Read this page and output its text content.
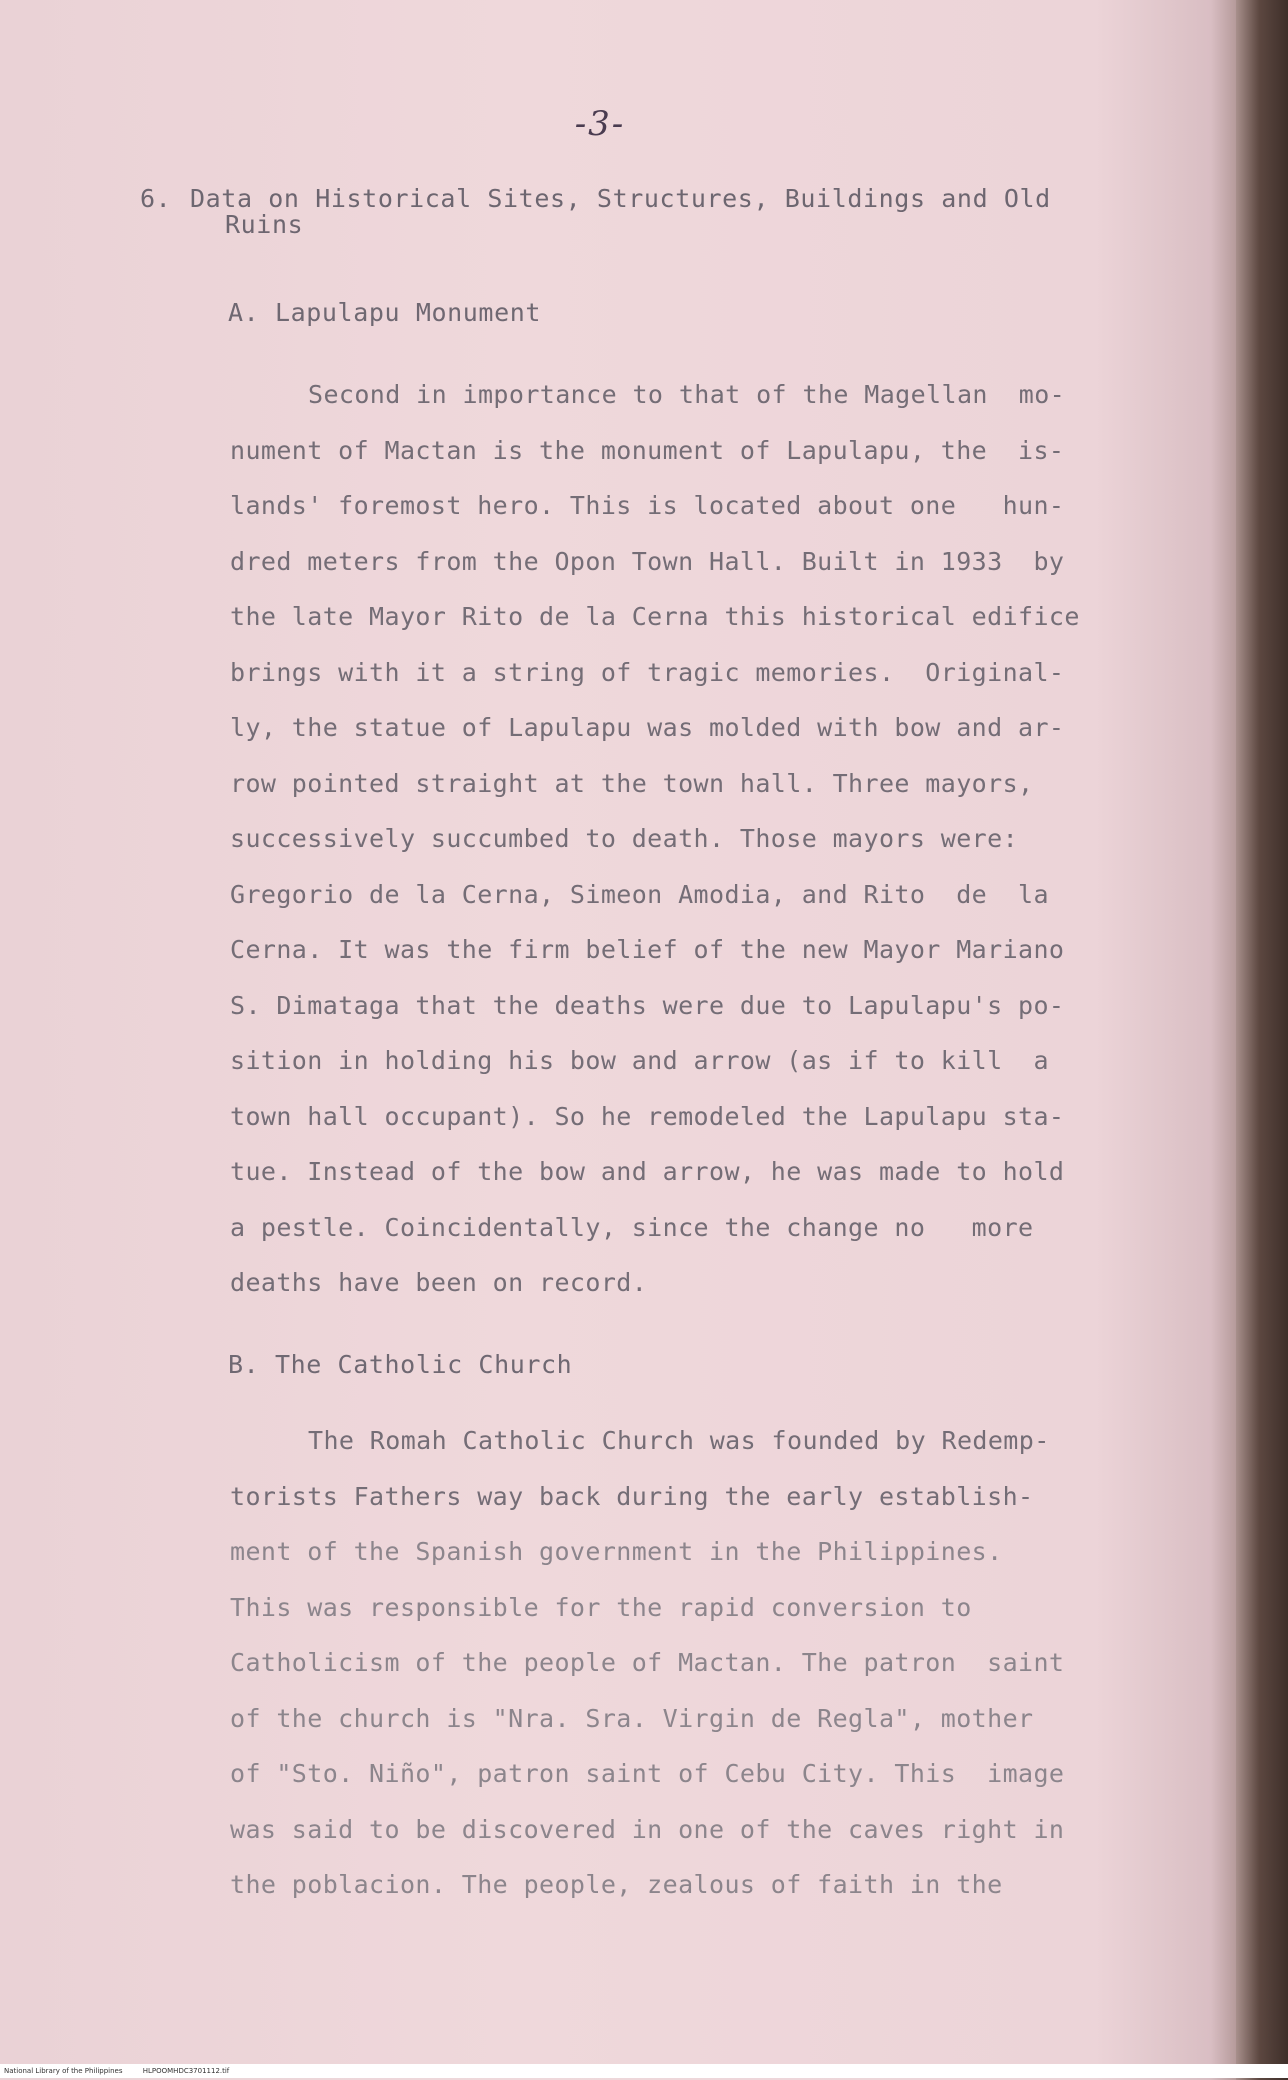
-3-
6. Data on Historical Sites, Structures, Buildings and Old
Ruins
A. Lapulapu Monument
Second in importance to that of the Magellan  mo-
nument of Mactan is the monument of Lapulapu, the  is-
lands' foremost hero. This is located about one   hun-
dred meters from the Opon Town Hall. Built in 1933  by
the late Mayor Rito de la Cerna this historical edifice
brings with it a string of tragic memories.  Original-
ly, the statue of Lapulapu was molded with bow and ar-
row pointed straight at the town hall. Three mayors,
successively succumbed to death. Those mayors were:
Gregorio de la Cerna, Simeon Amodia, and Rito  de  la
Cerna. It was the firm belief of the new Mayor Mariano
S. Dimataga that the deaths were due to Lapulapu's po-
sition in holding his bow and arrow (as if to kill  a
town hall occupant). So he remodeled the Lapulapu sta-
tue. Instead of the bow and arrow, he was made to hold
a pestle. Coincidentally, since the change no   more
deaths have been on record.
B. The Catholic Church
The Romah Catholic Church was founded by Redemp-
torists Fathers way back during the early establish-
ment of the Spanish government in the Philippines.
This was responsible for the rapid conversion to
Catholicism of the people of Mactan. The patron  saint
of the church is "Nra. Sra. Virgin de Regla", mother
of "Sto. Niño", patron saint of Cebu City. This  image
was said to be discovered in one of the caves right in
the poblacion. The people, zealous of faith in the
National Library of the Philippines	HLPOOMHDC3701112.tif
